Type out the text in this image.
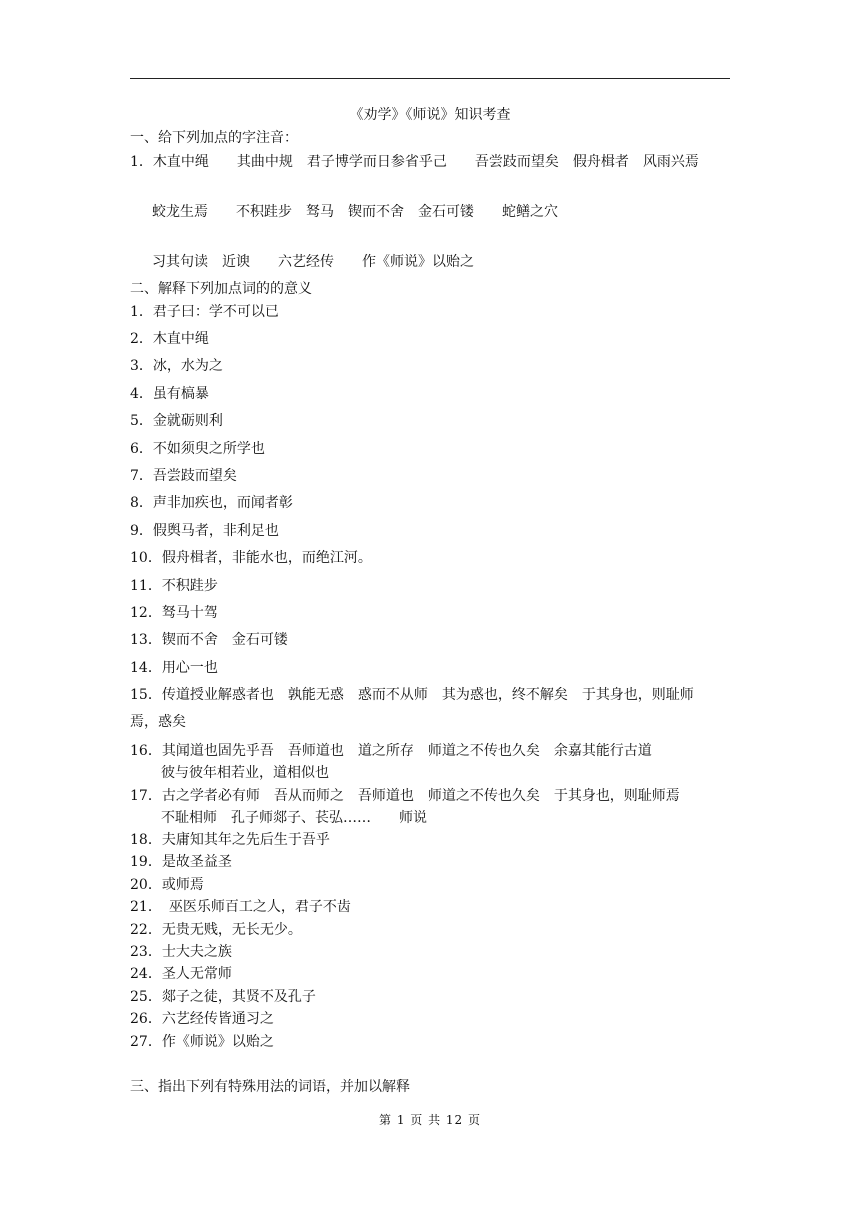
《劝学》《师说》知识考查
一、给下列加点的字注音：
1．木直中绳　　其曲中规　君子博学而日参省乎己　　吾尝跂而望矣　假舟楫者　风雨兴焉
蛟龙生焉　　不积跬步　驽马　锲而不舍　金石可镂　　蛇鳝之穴
习其句读　近谀　　六艺经传　　作《师说》以贻之
二、解释下列加点词的的意义
1．君子曰：学不可以已
2．木直中绳
3．冰，水为之
4．虽有槁暴
5．金就砺则利
6．不如须臾之所学也
7．吾尝跂而望矣
8．声非加疾也，而闻者彰
9．假舆马者，非利足也
10．假舟楫者，非能水也，而绝江河。
11．不积跬步
12．驽马十驾
13．锲而不舍　金石可镂
14．用心一也
15．传道授业解惑者也　孰能无惑　惑而不从师　其为惑也，终不解矣　于其身也，则耻师
焉，惑矣
16．其闻道也固先乎吾　吾师道也　道之所存　师道之不传也久矣　余嘉其能行古道
彼与彼年相若业，道相似也
17．古之学者必有师　吾从而师之　吾师道也　师道之不传也久矣　于其身也，则耻师焉
不耻相师　孔子师郯子、苌弘……　　师说
18．夫庸知其年之先后生于吾乎
19．是故圣益圣
20．或师焉
21．　巫医乐师百工之人，君子不齿
22．无贵无贱，无长无少。
23．士大夫之族
24．圣人无常师
25．郯子之徒，其贤不及孔子
26．六艺经传皆通习之
27．作《师说》以贻之
三、指出下列有特殊用法的词语，并加以解释
第 1 页 共 12 页
